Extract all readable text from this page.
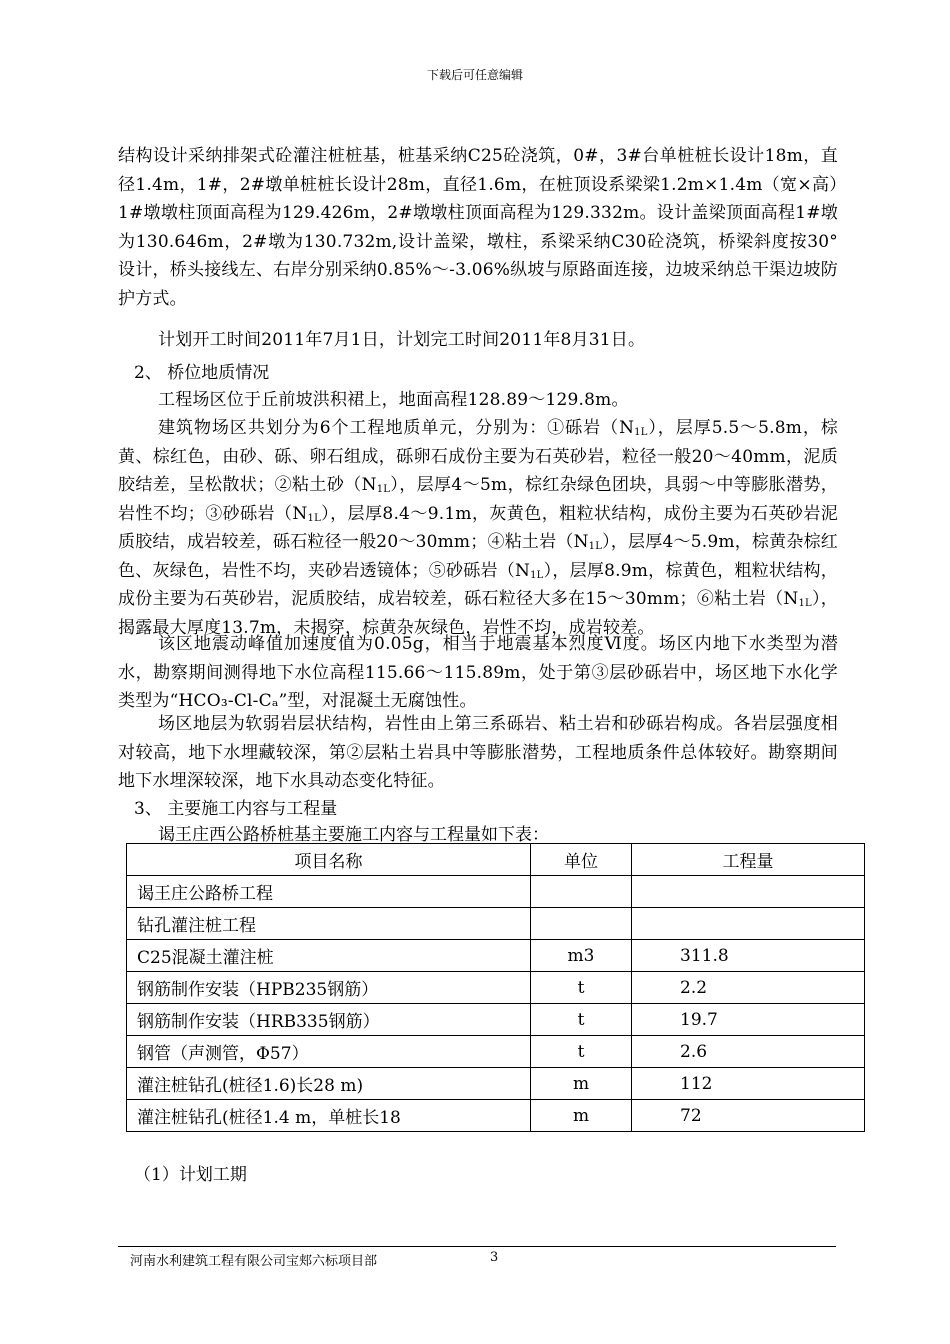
下载后可任意编辑

结构设计采纳排架式砼灌注桩桩基，桩基采纳C25砼浇筑，0#，3#台单桩桩长设计18m，直径1.4m，1#，2#墩单桩桩长设计28m，直径1.6m，在桩顶设系梁梁1.2m×1.4m（宽×高）1#墩墩柱顶面高程为129.426m，2#墩墩柱顶面高程为129.332m。设计盖梁顶面高程1#墩为130.646m，2#墩为130.732m,设计盖梁，墩柱，系梁采纳C30砼浇筑，桥梁斜度按30°设计，桥头接线左、右岸分别采纳0.85%～-3.06%纵坡与原路面连接，边坡采纳总干渠边坡防护方式。

计划开工时间2011年7月1日，计划完工时间2011年8月31日。

2、 桥位地质情况

工程场区位于丘前坡洪积裙上，地面高程128.89～129.8m。

建筑物场区共划分为6个工程地质单元，分别为：①砾岩$(N_{1L})$，层厚5.5～5.8m，棕黄、棕红色，由砂、砾、卵石组成，砾卵石成份主要为石英砂岩，粒径一般20～40mm，泥质胶结差，呈松散状；②粘土砂$(N_{1L})$，层厚4～5m，棕红杂绿色团块，具弱～中等膨胀潜势，岩性不均；③砂砾岩$(N_{1L})$，层厚8.4～9.1m，灰黄色，粗粒状结构，成份主要为石英砂岩泥质胶结，成岩较差，砾石粒径一般20～30mm；④粘土岩$(N_{1L})$，层厚4～5.9m，棕黄杂棕红色、灰绿色，岩性不均，夹砂岩透镜体；⑤砂砾岩$(N_{1L})$，层厚8.9m，棕黄色，粗粒状结构，成份主要为石英砂岩，泥质胶结，成岩较差，砾石粒径大多在15～30mm；⑥粘土岩$(N_{1L})$，揭露最大厚度13.7m，未揭穿，棕黄杂灰绿色，岩性不均，成岩较差。

该区地震动峰值加速度值为0.05g，相当于地震基本烈度Ⅵ度。场区内地下水类型为潜水，勘察期间测得地下水位高程115.66～115.89m，处于第③层砂砾岩中，场区地下水化学类型为“HCO₃-Cl-Cₐ”型，对混凝土无腐蚀性。

场区地层为软弱岩层状结构，岩性由上第三系砾岩、粘土岩和砂砾岩构成。各岩层强度相对较高，地下水埋藏较深，第②层粘土岩具中等膨胀潜势，工程地质条件总体较好。勘察期间地下水埋深较深，地下水具动态变化特征。

3、 主要施工内容与工程量
谒王庄西公路桥桩基主要施工内容与工程量如下表：
项目名称	单位	工程量
谒王庄公路桥工程		
钻孔灌注桩工程		
C25混凝土灌注桩	m3	311.8
钢筋制作安装（HPB235钢筋）	t	2.2
钢筋制作安装（HRB335钢筋）	t	19.7
钢管（声测管，Φ57）	t	2.6
灌注桩钻孔(桩径1.6)长28 m)	m	112
灌注桩钻孔(桩径1.4 m，单桩长18	m	72
（1）计划工期
河南水利建筑工程有限公司宝郏六标项目部	3
